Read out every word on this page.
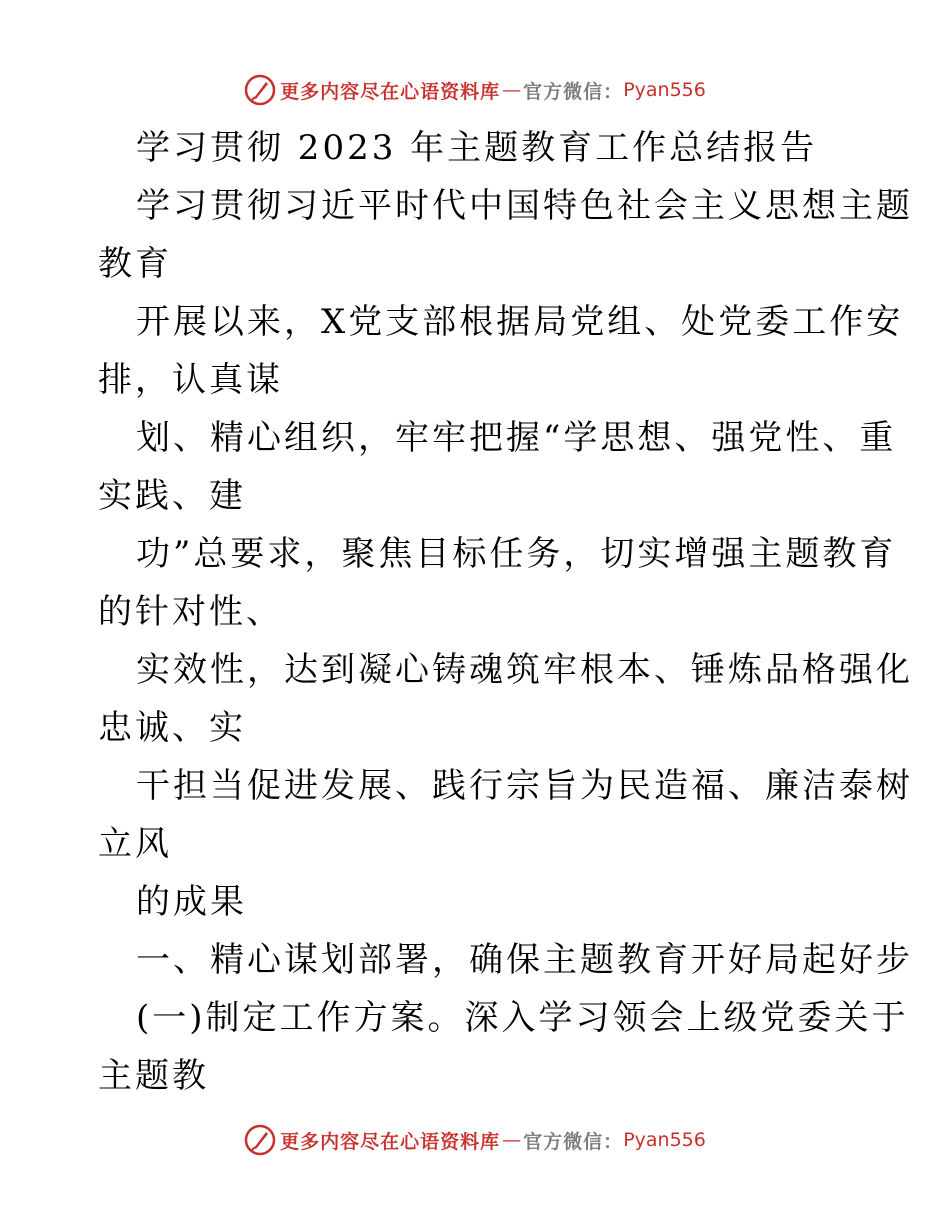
更多内容尽在心语资料库 — 官方微信： Pyan556
学习贯彻 2023 年主题教育工作总结报告
学习贯彻习近平时代中国特色社会主义思想主题
教育
开展以来，X党支部根据局党组、处党委工作安
排，认真谋
划、精心组织，牢牢把握“学思想、强党性、重
实践、建
功”总要求，聚焦目标任务，切实增强主题教育
的针对性、
实效性，达到凝心铸魂筑牢根本、锤炼品格强化
忠诚、实
干担当促进发展、践行宗旨为民造福、廉洁泰树
立风
的成果
一、精心谋划部署，确保主题教育开好局起好步
(一)制定工作方案。深入学习领会上级党委关于
主题教
更多内容尽在心语资料库 — 官方微信： Pyan556
